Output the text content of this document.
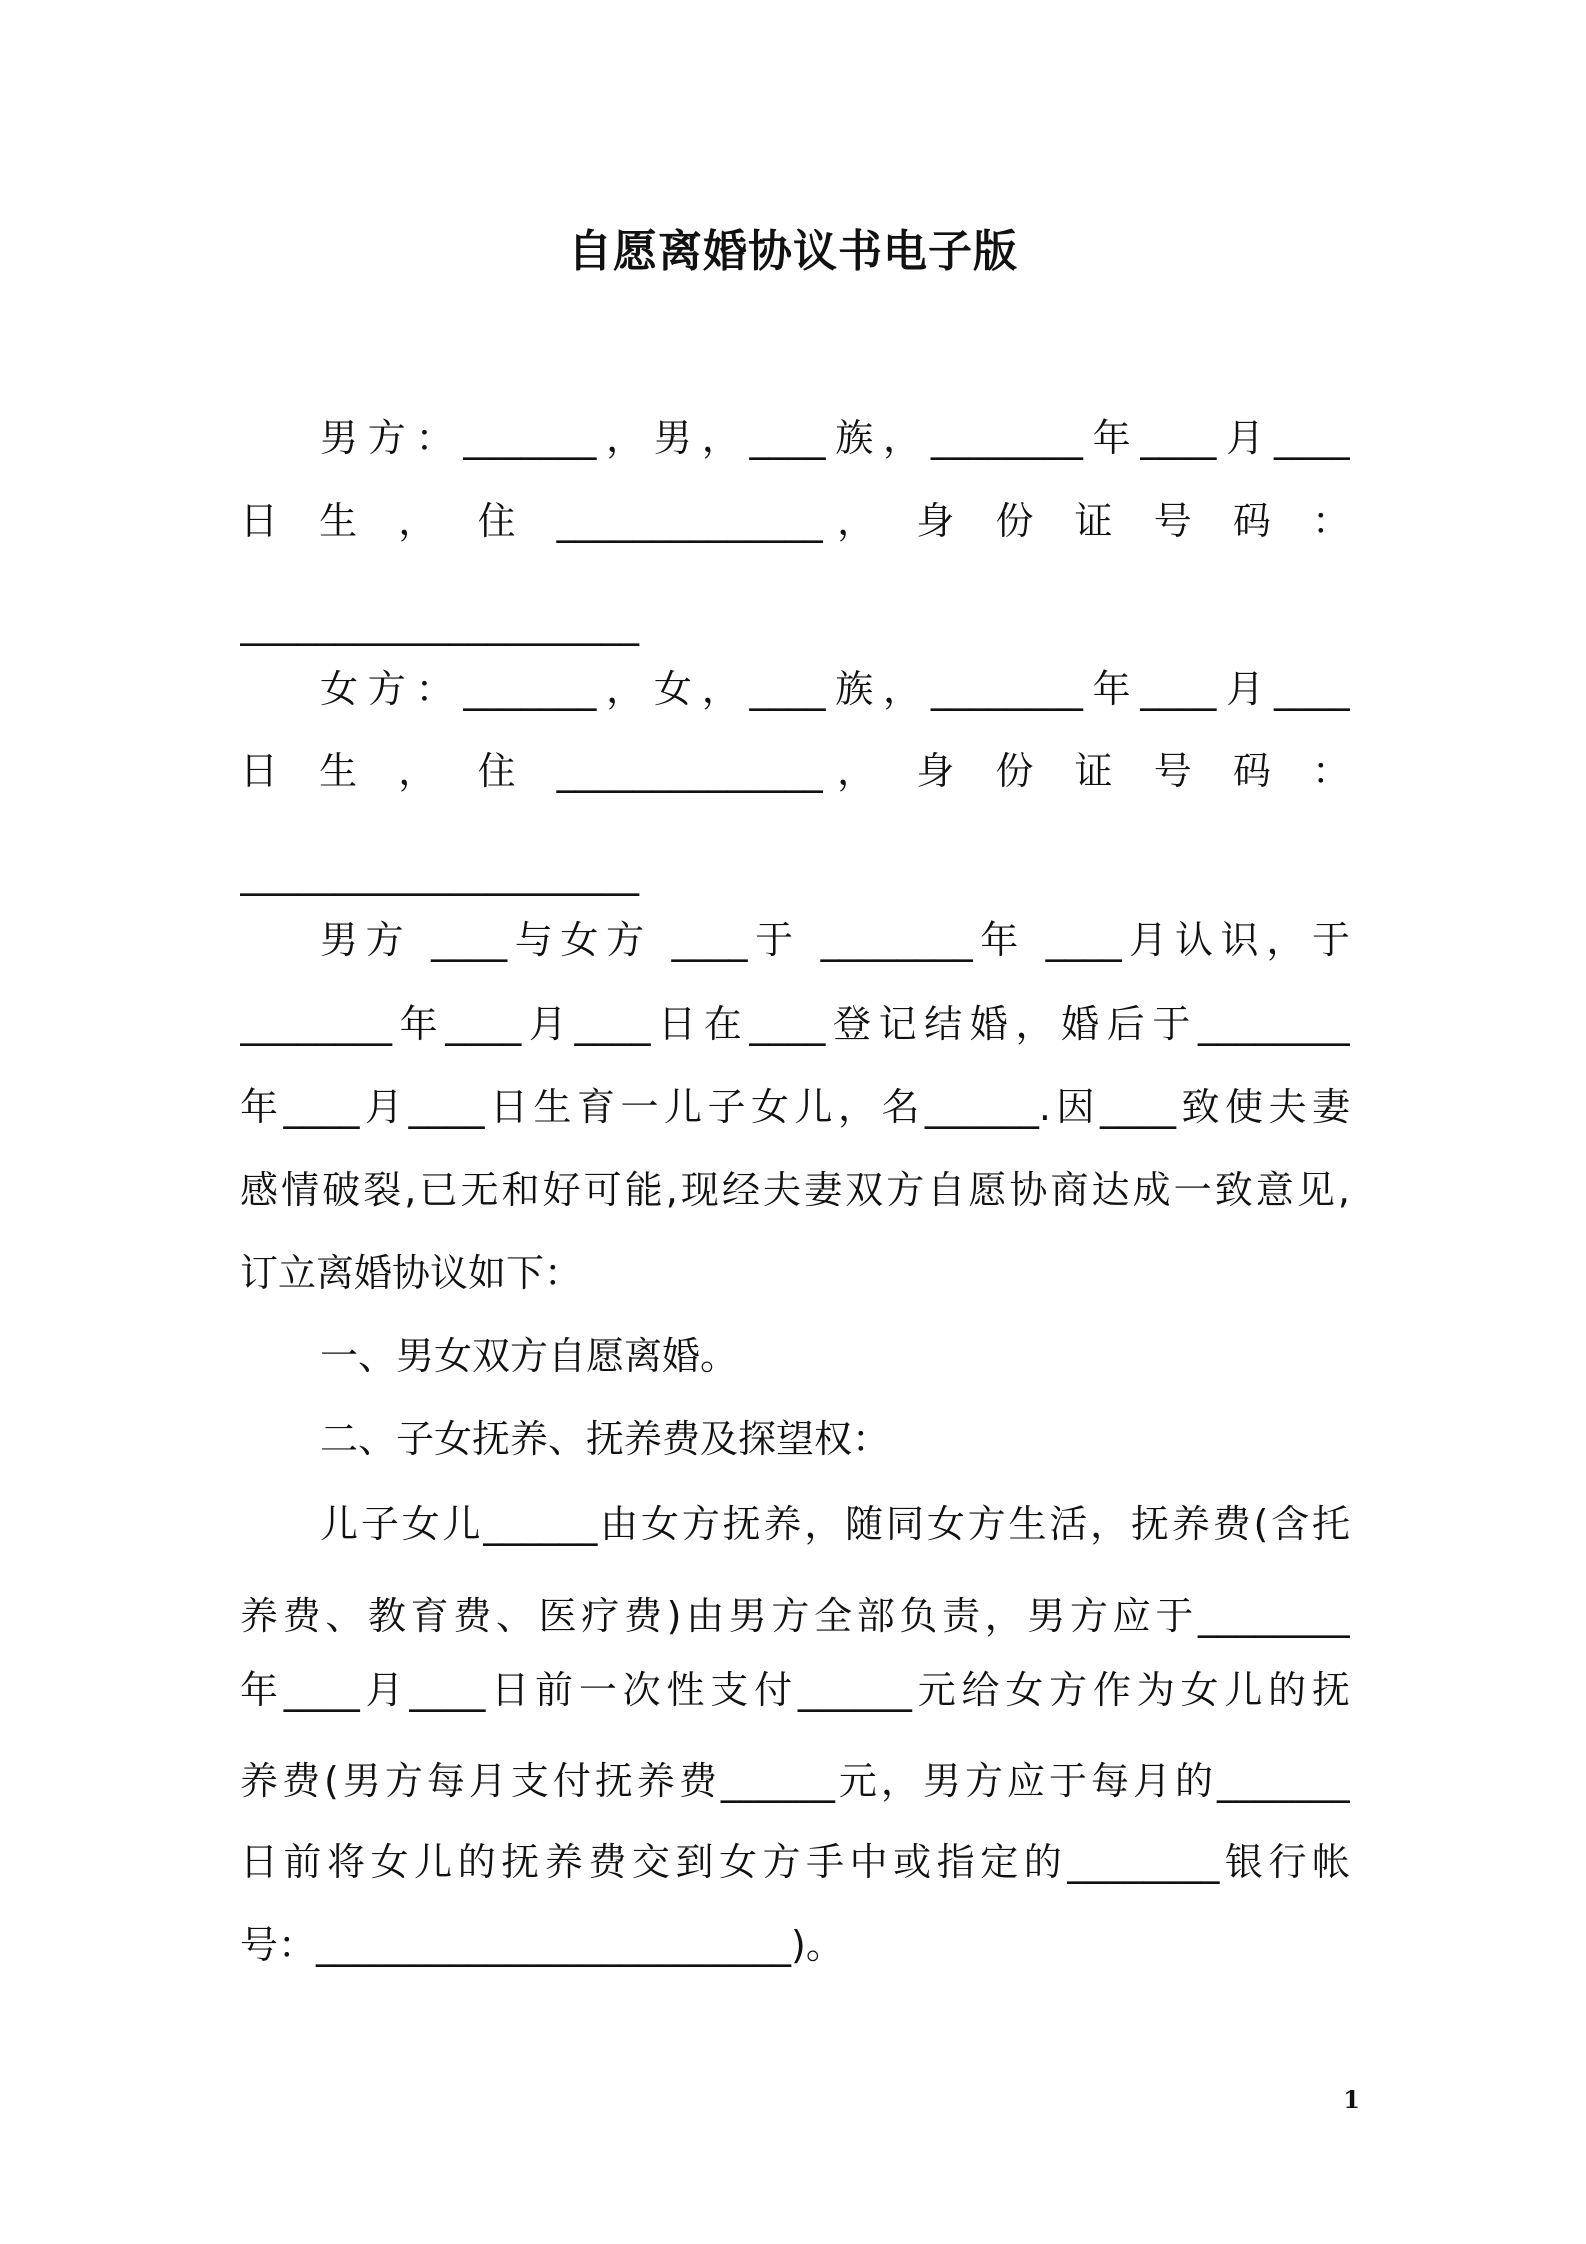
自愿离婚协议书电子版
男方：_______，男，____族，________年____月____
日 生 ， 住 ______________， 身 份 证 号 码 ：
_____________________
女方：_______，女，____族，________年____月____
日 生 ， 住 ______________， 身 份 证 号 码 ：
_____________________
男方 ____与女方 ____于 ________年 ____月认识，于
________年____月____日在____登记结婚，婚后于________
年____月____日生育一儿子女儿，名______.因____致使夫妻
感情破裂,已无和好可能,现经夫妻双方自愿协商达成一致意见,
订立离婚协议如下：
一、男女双方自愿离婚。
二、子女抚养、抚养费及探望权：
儿子女儿______由女方抚养，随同女方生活，抚养费(含托
养费、教育费、医疗费)由男方全部负责，男方应于________
年____月____日前一次性支付______元给女方作为女儿的抚
养费(男方每月支付抚养费______元，男方应于每月的_______
日前将女儿的抚养费交到女方手中或指定的________银行帐
号：_________________________)。
1
